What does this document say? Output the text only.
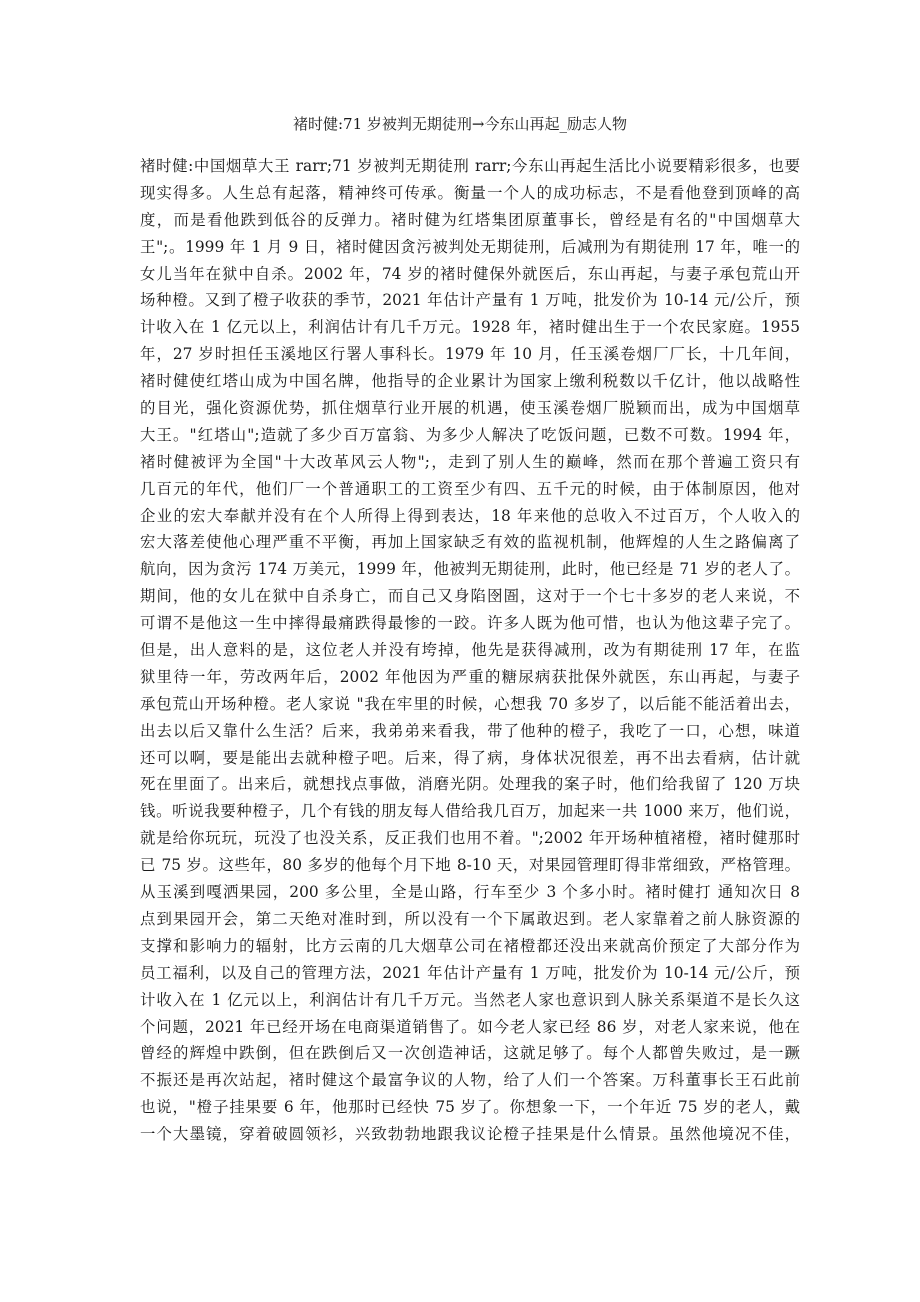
褚时健:71 岁被判无期徒刑→今东山再起_励志人物
褚时健:中国烟草大王 rarr;71 岁被判无期徒刑 rarr;今东山再起生活比小说要精彩很多，也要
现实得多。人生总有起落，精神终可传承。衡量一个人的成功标志，不是看他登到顶峰的高
度，而是看他跌到低谷的反弹力。褚时健为红塔集团原董事长，曾经是有名的"中国烟草大
王";。1999 年 1 月 9 日，褚时健因贪污被判处无期徒刑，后减刑为有期徒刑 17 年，唯一的
女儿当年在狱中自杀。2002 年，74 岁的褚时健保外就医后，东山再起，与妻子承包荒山开
场种橙。又到了橙子收获的季节，2021 年估计产量有 1 万吨，批发价为 10-14 元/公斤，预
计收入在 1 亿元以上，利润估计有几千万元。1928 年，褚时健出生于一个农民家庭。1955
年，27 岁时担任玉溪地区行署人事科长。1979 年 10 月，任玉溪卷烟厂厂长，十几年间，
褚时健使红塔山成为中国名牌，他指导的企业累计为国家上缴利税数以千亿计，他以战略性
的目光，强化资源优势，抓住烟草行业开展的机遇，使玉溪卷烟厂脱颖而出，成为中国烟草
大王。"红塔山";造就了多少百万富翁、为多少人解决了吃饭问题，已数不可数。1994 年，
褚时健被评为全国"十大改革风云人物";，走到了别人生的巅峰，然而在那个普遍工资只有
几百元的年代，他们厂一个普通职工的工资至少有四、五千元的时候，由于体制原因，他对
企业的宏大奉献并没有在个人所得上得到表达，18 年来他的总收入不过百万，个人收入的
宏大落差使他心理严重不平衡，再加上国家缺乏有效的监视机制，他辉煌的人生之路偏离了
航向，因为贪污 174 万美元，1999 年，他被判无期徒刑，此时，他已经是 71 岁的老人了。
期间，他的女儿在狱中自杀身亡，而自己又身陷囹圄，这对于一个七十多岁的老人来说，不
可谓不是他这一生中摔得最痛跌得最惨的一跤。许多人既为他可惜，也认为他这辈子完了。
但是，出人意料的是，这位老人并没有垮掉，他先是获得减刑，改为有期徒刑 17 年，在监
狱里待一年，劳改两年后，2002 年他因为严重的糖尿病获批保外就医，东山再起，与妻子
承包荒山开场种橙。老人家说 "我在牢里的时候，心想我 70 多岁了，以后能不能活着出去，
出去以后又靠什么生活？后来，我弟弟来看我，带了他种的橙子，我吃了一口，心想，味道
还可以啊，要是能出去就种橙子吧。后来，得了病，身体状况很差，再不出去看病，估计就
死在里面了。出来后，就想找点事做，消磨光阴。处理我的案子时，他们给我留了 120 万块
钱。听说我要种橙子，几个有钱的朋友每人借给我几百万，加起来一共 1000 来万，他们说，
就是给你玩玩，玩没了也没关系，反正我们也用不着。";2002 年开场种植褚橙，褚时健那时
已 75 岁。这些年，80 多岁的他每个月下地 8-10 天，对果园管理盯得非常细致，严格管理。
从玉溪到嘎洒果园，200 多公里，全是山路，行车至少 3 个多小时。褚时健打 通知次日 8
点到果园开会，第二天绝对准时到，所以没有一个下属敢迟到。老人家靠着之前人脉资源的
支撑和影响力的辐射，比方云南的几大烟草公司在褚橙都还没出来就高价预定了大部分作为
员工福利，以及自己的管理方法，2021 年估计产量有 1 万吨，批发价为 10-14 元/公斤，预
计收入在 1 亿元以上，利润估计有几千万元。当然老人家也意识到人脉关系渠道不是长久这
个问题，2021 年已经开场在电商渠道销售了。如今老人家已经 86 岁，对老人家来说，他在
曾经的辉煌中跌倒，但在跌倒后又一次创造神话，这就足够了。每个人都曾失败过，是一蹶
不振还是再次站起，褚时健这个最富争议的人物，给了人们一个答案。万科董事长王石此前
也说，"橙子挂果要 6 年，他那时已经快 75 岁了。你想象一下，一个年近 75 岁的老人，戴
一个大墨镜，穿着破圆领衫，兴致勃勃地跟我议论橙子挂果是什么情景。虽然他境况不佳，
